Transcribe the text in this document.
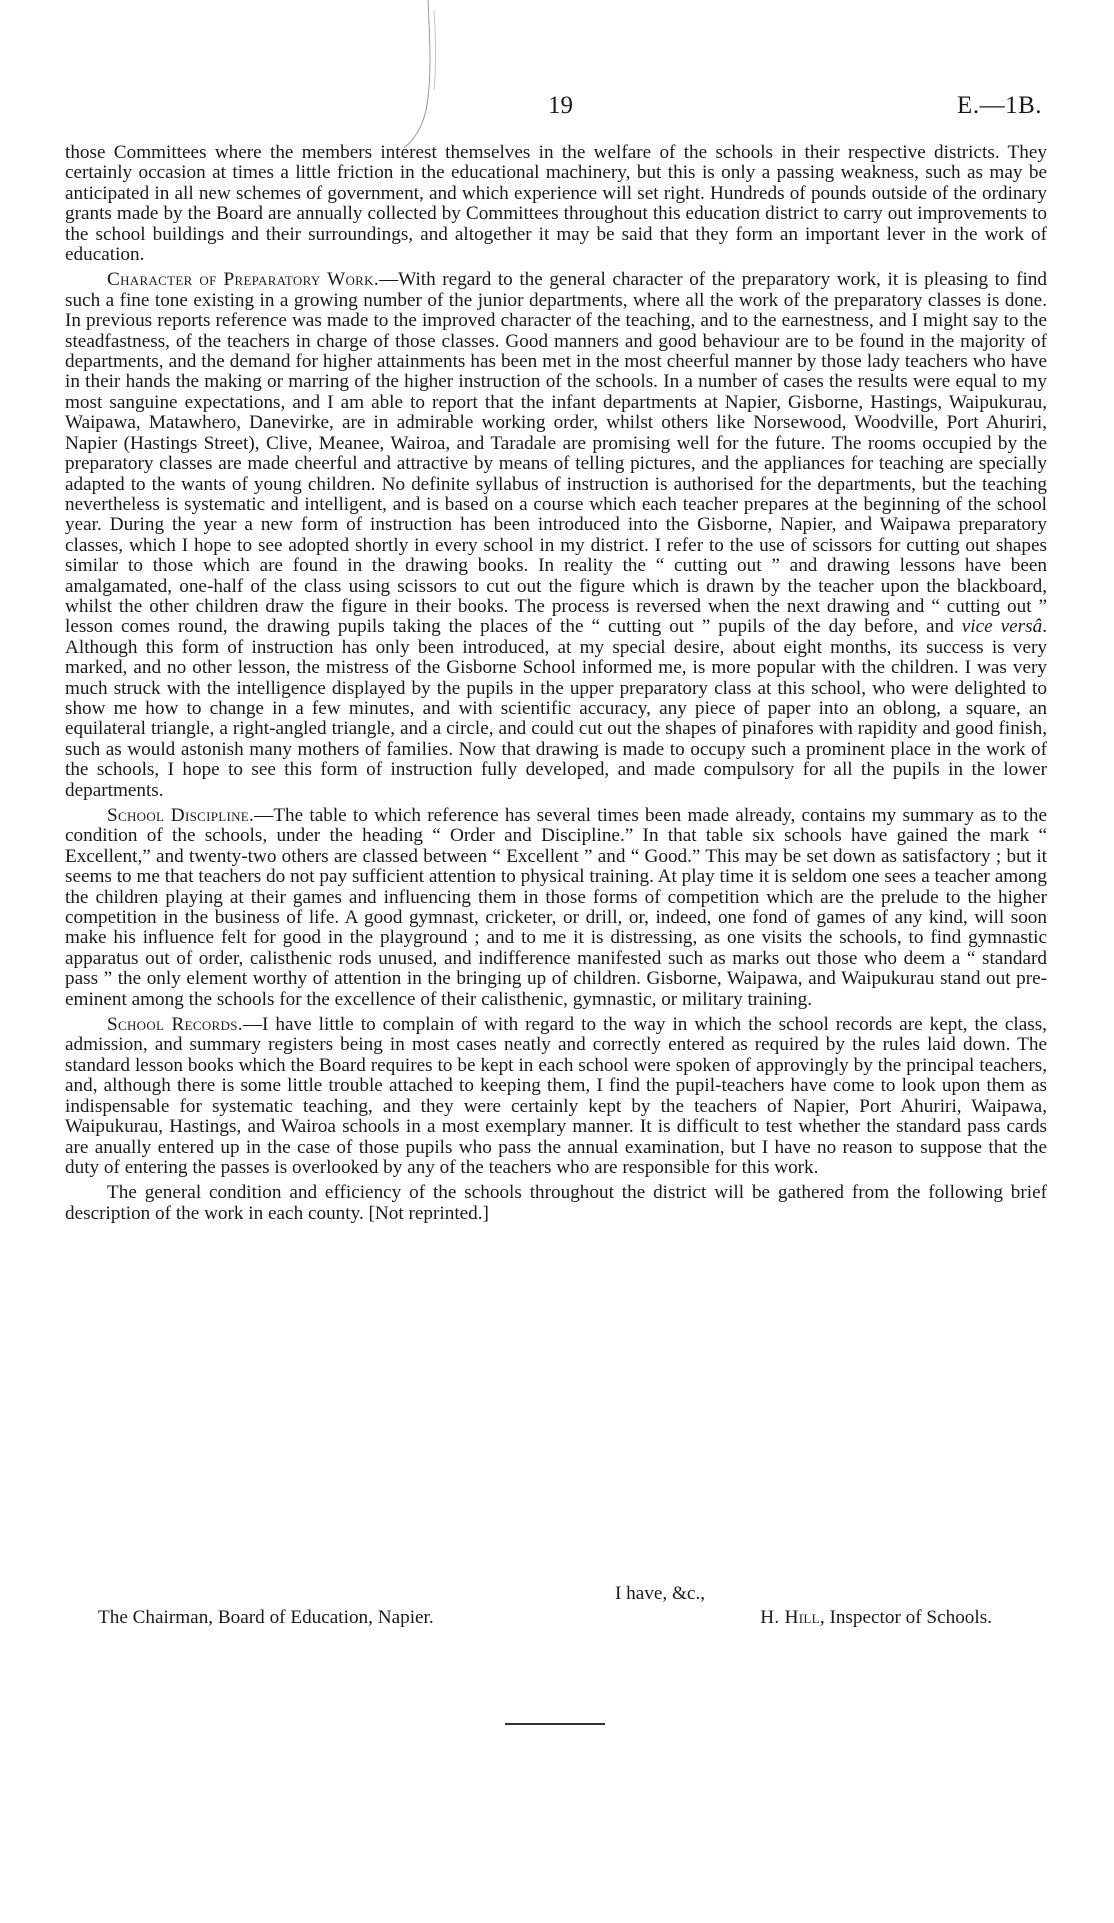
19	E.—1B.

those Committees where the members interest themselves in the welfare of the schools in their respective districts. They certainly occasion at times a little friction in the educational machinery, but this is only a passing weakness, such as may be anticipated in all new schemes of government, and which experience will set right. Hundreds of pounds outside of the ordinary grants made by the Board are annually collected by Committees throughout this education district to carry out improvements to the school buildings and their surroundings, and altogether it may be said that they form an important lever in the work of education.

Character of Preparatory Work.—With regard to the general character of the preparatory work, it is pleasing to find such a fine tone existing in a growing number of the junior departments, where all the work of the preparatory classes is done. In previous reports reference was made to the improved character of the teaching, and to the earnestness, and I might say to the steadfastness, of the teachers in charge of those classes. Good manners and good behaviour are to be found in the majority of departments, and the demand for higher attainments has been met in the most cheerful manner by those lady teachers who have in their hands the making or marring of the higher instruction of the schools. In a number of cases the results were equal to my most sanguine expectations, and I am able to report that the infant departments at Napier, Gisborne, Hastings, Waipukurau, Waipawa, Matawhero, Danevirke, are in admirable working order, whilst others like Norsewood, Woodville, Port Ahuriri, Napier (Hastings Street), Clive, Meanee, Wairoa, and Taradale are promising well for the future. The rooms occupied by the preparatory classes are made cheerful and attractive by means of telling pictures, and the appliances for teaching are specially adapted to the wants of young children. No definite syllabus of instruction is authorised for the departments, but the teaching nevertheless is systematic and intelligent, and is based on a course which each teacher prepares at the beginning of the school year. During the year a new form of instruction has been introduced into the Gisborne, Napier, and Waipawa preparatory classes, which I hope to see adopted shortly in every school in my district. I refer to the use of scissors for cutting out shapes similar to those which are found in the drawing books. In reality the “ cutting out ” and drawing lessons have been amalgamated, one-half of the class using scissors to cut out the figure which is drawn by the teacher upon the blackboard, whilst the other children draw the figure in their books. The process is reversed when the next drawing and “ cutting out ” lesson comes round, the drawing pupils taking the places of the “ cutting out ” pupils of the day before, and vice versâ. Although this form of instruction has only been introduced, at my special desire, about eight months, its success is very marked, and no other lesson, the mistress of the Gisborne School informed me, is more popular with the children. I was very much struck with the intelligence displayed by the pupils in the upper preparatory class at this school, who were delighted to show me how to change in a few minutes, and with scientific accuracy, any piece of paper into an oblong, a square, an equilateral triangle, a right-angled triangle, and a circle, and could cut out the shapes of pinafores with rapidity and good finish, such as would astonish many mothers of families. Now that drawing is made to occupy such a prominent place in the work of the schools, I hope to see this form of instruction fully developed, and made compulsory for all the pupils in the lower departments.

School Discipline.—The table to which reference has several times been made already, contains my summary as to the condition of the schools, under the heading “ Order and Discipline.” In that table six schools have gained the mark “ Excellent,” and twenty-two others are classed between “ Excellent ” and “ Good.” This may be set down as satisfactory ; but it seems to me that teachers do not pay sufficient attention to physical training. At play time it is seldom one sees a teacher among the children playing at their games and influencing them in those forms of competition which are the prelude to the higher competition in the business of life. A good gymnast, cricketer, or drill, or, indeed, one fond of games of any kind, will soon make his influence felt for good in the playground ; and to me it is distressing, as one visits the schools, to find gymnastic apparatus out of order, calisthenic rods unused, and indifference manifested such as marks out those who deem a “ standard pass ” the only element worthy of attention in the bringing up of children. Gisborne, Waipawa, and Waipukurau stand out pre-eminent among the schools for the excellence of their calisthenic, gymnastic, or military training.

School Records.—I have little to complain of with regard to the way in which the school records are kept, the class, admission, and summary registers being in most cases neatly and correctly entered as required by the rules laid down. The standard lesson books which the Board requires to be kept in each school were spoken of approvingly by the principal teachers, and, although there is some little trouble attached to keeping them, I find the pupil-teachers have come to look upon them as indispensable for systematic teaching, and they were certainly kept by the teachers of Napier, Port Ahuriri, Waipawa, Waipukurau, Hastings, and Wairoa schools in a most exemplary manner. It is difficult to test whether the standard pass cards are anually entered up in the case of those pupils who pass the annual examination, but I have no reason to suppose that the duty of entering the passes is overlooked by any of the teachers who are responsible for this work.

The general condition and efficiency of the schools throughout the district will be gathered from the following brief description of the work in each county. [Not reprinted.]

I have, &c.,
The Chairman, Board of Education, Napier.	H. Hill, Inspector of Schools.
